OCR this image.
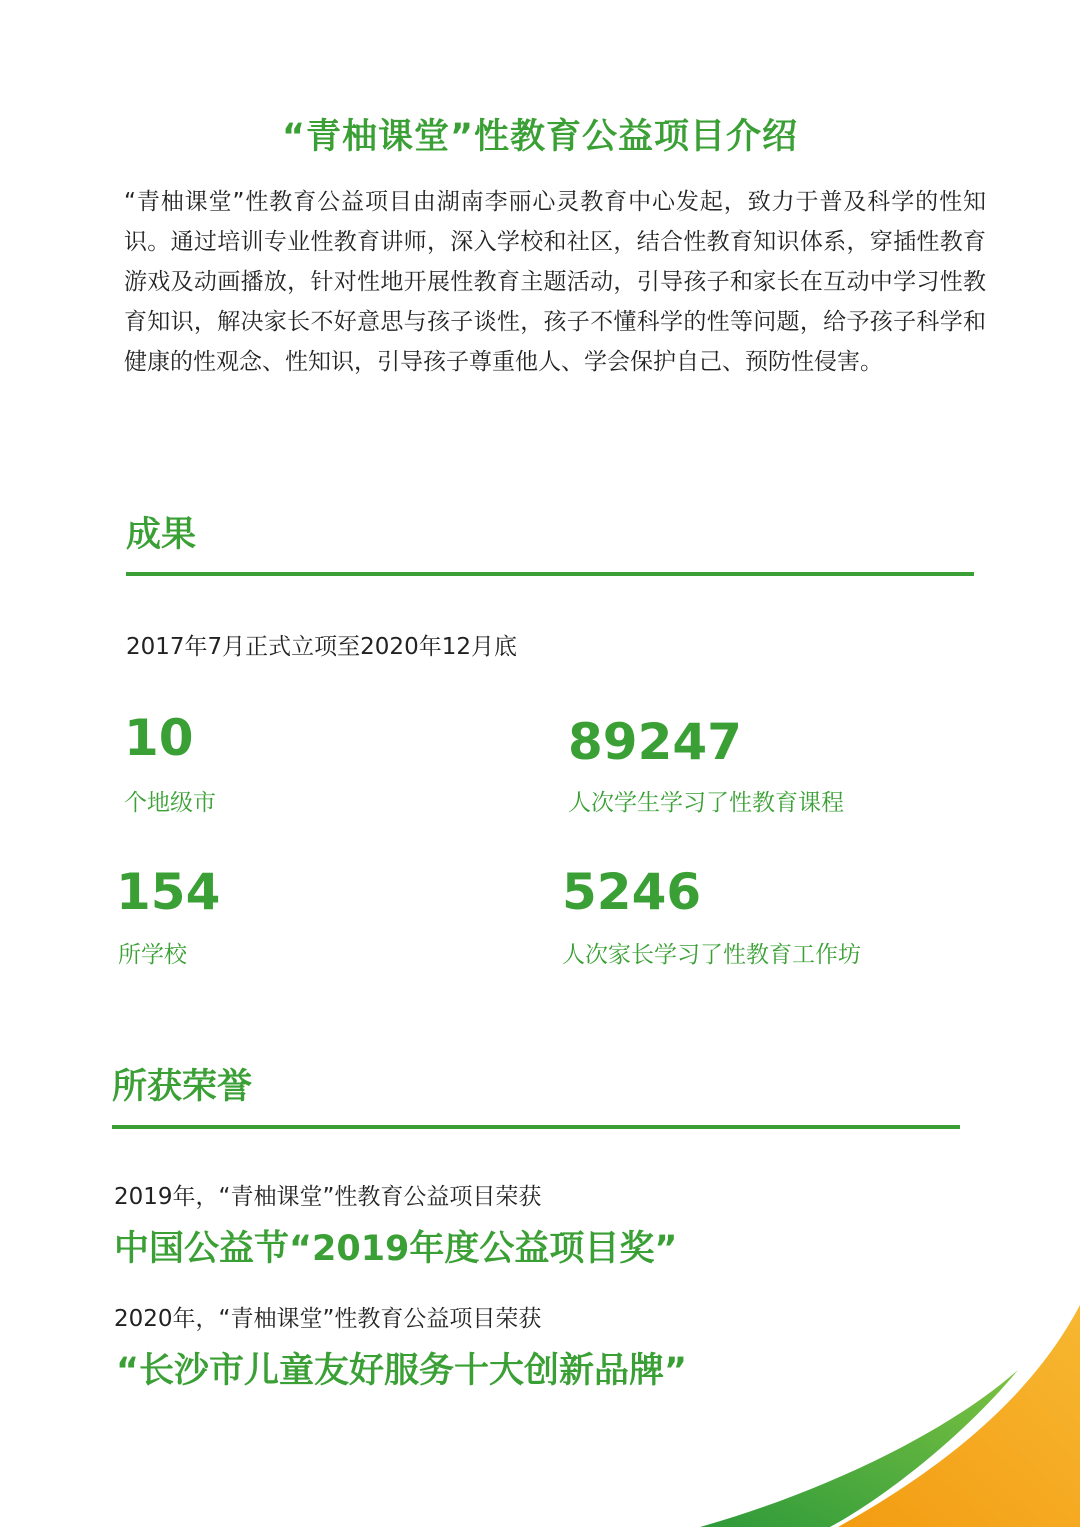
“青柚课堂”性教育公益项目介绍

“青柚课堂”性教育公益项目由湖南李丽心灵教育中心发起，致力于普及科学的性知识。通过培训专业性教育讲师，深入学校和社区，结合性教育知识体系，穿插性教育游戏及动画播放，针对性地开展性教育主题活动，引导孩子和家长在互动中学习性教育知识，解决家长不好意思与孩子谈性，孩子不懂科学的性等问题，给予孩子科学和健康的性观念、性知识，引导孩子尊重他人、学会保护自己、预防性侵害。

成果
2017年7月正式立项至2020年12月底
10
个地级市
89247
人次学生学习了性教育课程
154
所学校
5246
人次家长学习了性教育工作坊
所获荣誉
2019年，“青柚课堂”性教育公益项目荣获
中国公益节“2019年度公益项目奖”
2020年，“青柚课堂”性教育公益项目荣获
“长沙市儿童友好服务十大创新品牌”
